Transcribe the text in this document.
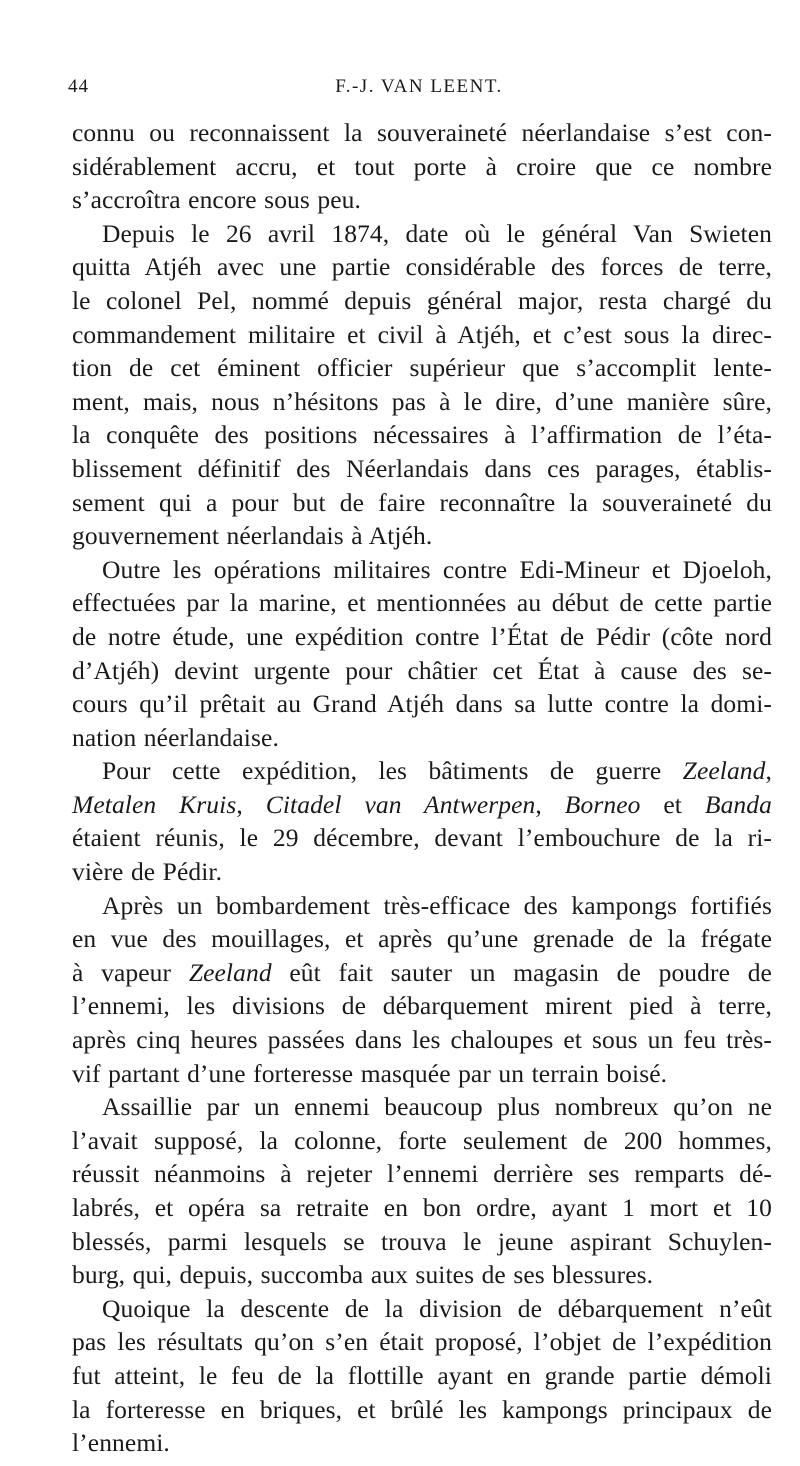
44	F.-J. VAN LEENT.
connu ou reconnaissent la souveraineté néerlandaise s’est con-
sidérablement accru, et tout porte à croire que ce nombre
s’accroîtra encore sous peu.
Depuis le 26 avril 1874, date où le général Van Swieten
quitta Atjéh avec une partie considérable des forces de terre,
le colonel Pel, nommé depuis général major, resta chargé du
commandement militaire et civil à Atjéh, et c’est sous la direc-
tion de cet éminent officier supérieur que s’accomplit lente-
ment, mais, nous n’hésitons pas à le dire, d’une manière sûre,
la conquête des positions nécessaires à l’affirmation de l’éta-
blissement définitif des Néerlandais dans ces parages, établis-
sement qui a pour but de faire reconnaître la souveraineté du
gouvernement néerlandais à Atjéh.
Outre les opérations militaires contre Edi-Mineur et Djoeloh,
effectuées par la marine, et mentionnées au début de cette partie
de notre étude, une expédition contre l’État de Pédir (côte nord
d’Atjéh) devint urgente pour châtier cet État à cause des se-
cours qu’il prêtait au Grand Atjéh dans sa lutte contre la domi-
nation néerlandaise.
Pour cette expédition, les bâtiments de guerre Zeeland,
Metalen Kruis, Citadel van Antwerpen, Borneo et Banda
étaient réunis, le 29 décembre, devant l’embouchure de la ri-
vière de Pédir.
Après un bombardement très-efficace des kampongs fortifiés
en vue des mouillages, et après qu’une grenade de la frégate
à vapeur Zeeland eût fait sauter un magasin de poudre de
l’ennemi, les divisions de débarquement mirent pied à terre,
après cinq heures passées dans les chaloupes et sous un feu très-
vif partant d’une forteresse masquée par un terrain boisé.
Assaillie par un ennemi beaucoup plus nombreux qu’on ne
l’avait supposé, la colonne, forte seulement de 200 hommes,
réussit néanmoins à rejeter l’ennemi derrière ses remparts dé-
labrés, et opéra sa retraite en bon ordre, ayant 1 mort et 10
blessés, parmi lesquels se trouva le jeune aspirant Schuylen-
burg, qui, depuis, succomba aux suites de ses blessures.
Quoique la descente de la division de débarquement n’eût
pas les résultats qu’on s’en était proposé, l’objet de l’expédition
fut atteint, le feu de la flottille ayant en grande partie démoli
la forteresse en briques, et brûlé les kampongs principaux de
l’ennemi.
